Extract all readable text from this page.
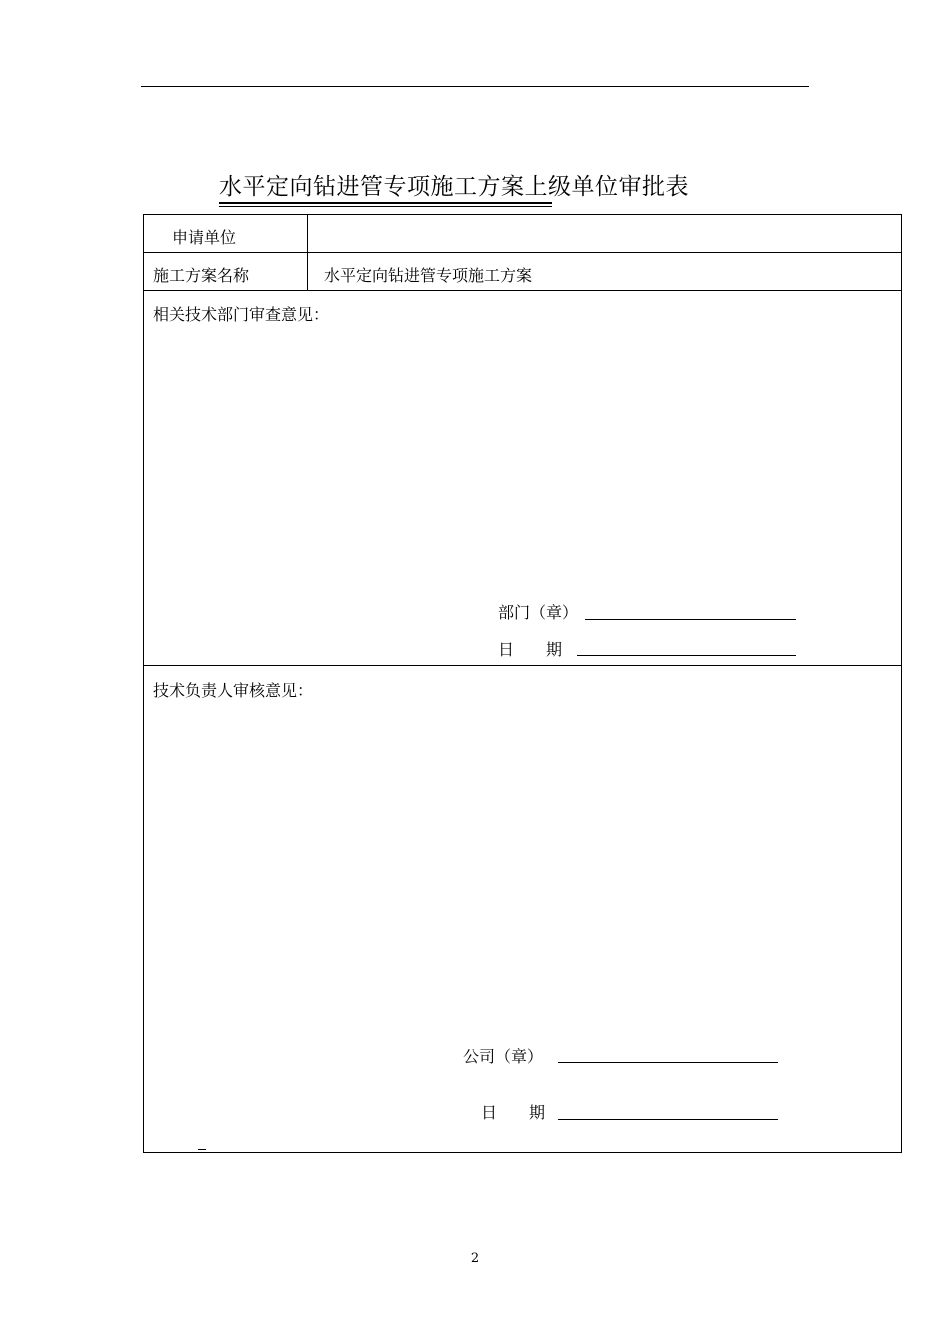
水平定向钻进管专项施工方案上级单位审批表
申请单位
施工方案名称	水平定向钻进管专项施工方案
相关技术部门审查意见：
部门（章）
日　　期
技术负责人审核意见：
公司（章）
日　　期
2
